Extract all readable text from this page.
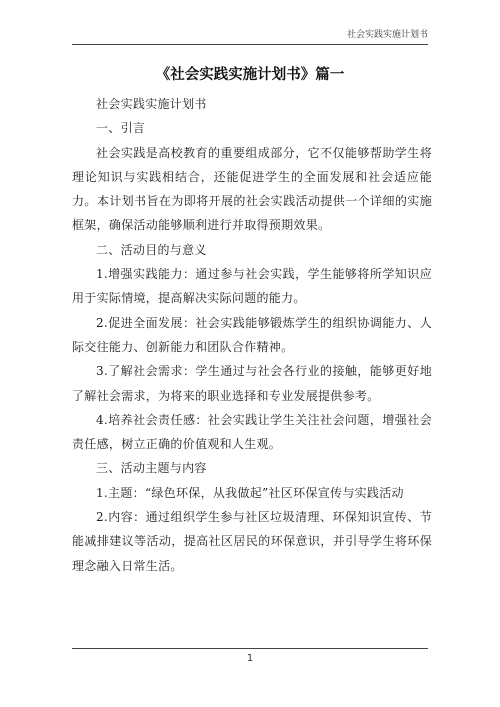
社会实践实施计划书
《社会实践实施计划书》篇一

社会实践实施计划书

一、引言

社会实践是高校教育的重要组成部分，它不仅能够帮助学生将理论知识与实践相结合，还能促进学生的全面发展和社会适应能力。本计划书旨在为即将开展的社会实践活动提供一个详细的实施框架，确保活动能够顺利进行并取得预期效果。

二、活动目的与意义

1.增强实践能力：通过参与社会实践，学生能够将所学知识应用于实际情境，提高解决实际问题的能力。

2.促进全面发展：社会实践能够锻炼学生的组织协调能力、人际交往能力、创新能力和团队合作精神。

3.了解社会需求：学生通过与社会各行业的接触，能够更好地了解社会需求，为将来的职业选择和专业发展提供参考。

4.培养社会责任感：社会实践让学生关注社会问题，增强社会责任感，树立正确的价值观和人生观。

三、活动主题与内容

1.主题：“绿色环保，从我做起”社区环保宣传与实践活动

2.内容：通过组织学生参与社区垃圾清理、环保知识宣传、节能减排建议等活动，提高社区居民的环保意识，并引导学生将环保理念融入日常生活。

1
